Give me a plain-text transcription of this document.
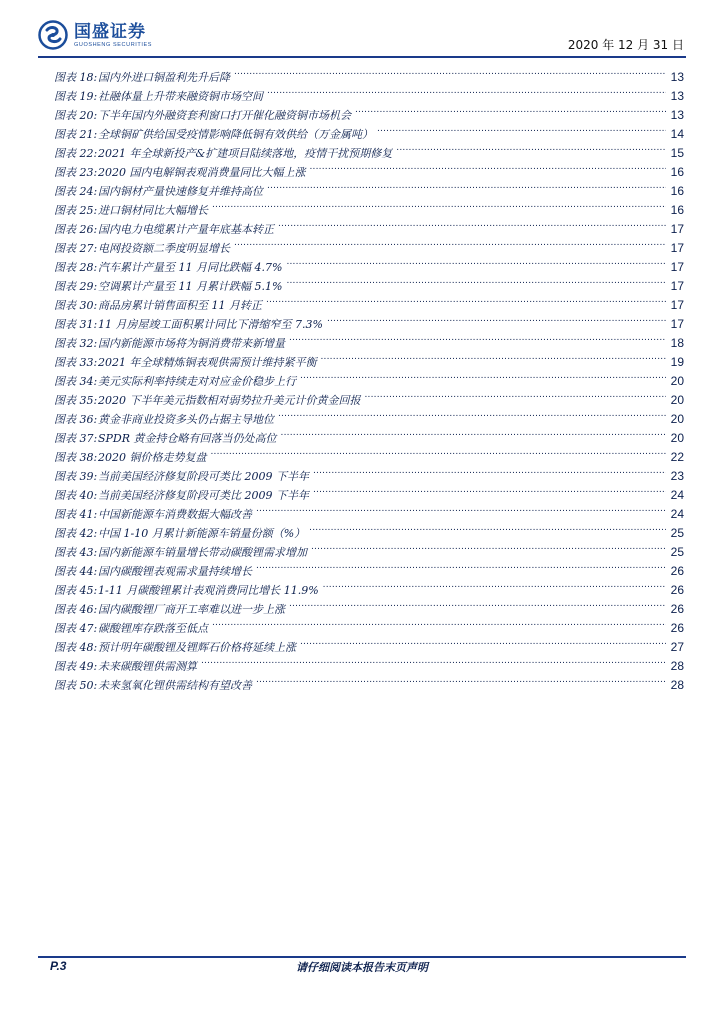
国盛证券
GUOSHENG SECURITIES	2020 年 12 月 31 日
图表 18: 国内外进口铜盈利先升后降 .....	13
图表 19: 社融体量上升带来融资铜市场空间 .....	13
图表 20: 下半年国内外融资套利窗口打开催化融资铜市场机会 .....	13
图表 21: 全球铜矿供给国受疫情影响降低铜有效供给（万金属吨） .....	14
图表 22: 2021 年全球新投产&扩建项目陆续落地，疫情干扰预期修复 .....	15
图表 23: 2020 国内电解铜表观消费量同比大幅上涨 .....	16
图表 24: 国内铜材产量快速修复并维持高位 .....	16
图表 25: 进口铜材同比大幅增长 .....	16
图表 26: 国内电力电缆累计产量年底基本转正 .....	17
图表 27: 电网投资额二季度明显增长 .....	17
图表 28: 汽车累计产量至 11 月同比跌幅 4.7% .....	17
图表 29: 空调累计产量至 11 月累计跌幅 5.1% .....	17
图表 30: 商品房累计销售面积至 11 月转正 .....	17
图表 31: 11 月房屋竣工面积累计同比下滑缩窄至 7.3% .....	17
图表 32: 国内新能源市场将为铜消费带来新增量 .....	18
图表 33: 2021 年全球精炼铜表观供需预计维持紧平衡 .....	19
图表 34: 美元实际利率持续走对对应金价稳步上行 .....	20
图表 35: 2020 下半年美元指数相对弱势拉升美元计价黄金回报 .....	20
图表 36: 黄金非商业投资多头仍占据主导地位 .....	20
图表 37: SPDR 黄金持仓略有回落当仍处高位 .....	20
图表 38: 2020 铜价格走势复盘 .....	22
图表 39: 当前美国经济修复阶段可类比 2009 下半年 .....	23
图表 40: 当前美国经济修复阶段可类比 2009 下半年 .....	24
图表 41: 中国新能源车消费数据大幅改善 .....	24
图表 42: 中国 1-10 月累计新能源车销量份额（%） .....	25
图表 43: 国内新能源车销量增长带动碳酸锂需求增加 .....	25
图表 44: 国内碳酸锂表观需求量持续增长 .....	26
图表 45: 1-11 月碳酸锂累计表观消费同比增长 11.9% .....	26
图表 46: 国内碳酸锂厂商开工率难以进一步上涨 .....	26
图表 47: 碳酸锂库存跌落至低点 .....	26
图表 48: 预计明年碳酸锂及锂辉石价格将延续上涨 .....	27
图表 49: 未来碳酸锂供需测算 .....	28
图表 50: 未来氢氧化锂供需结构有望改善 .....	28
P.3	请仔细阅读本报告末页声明
